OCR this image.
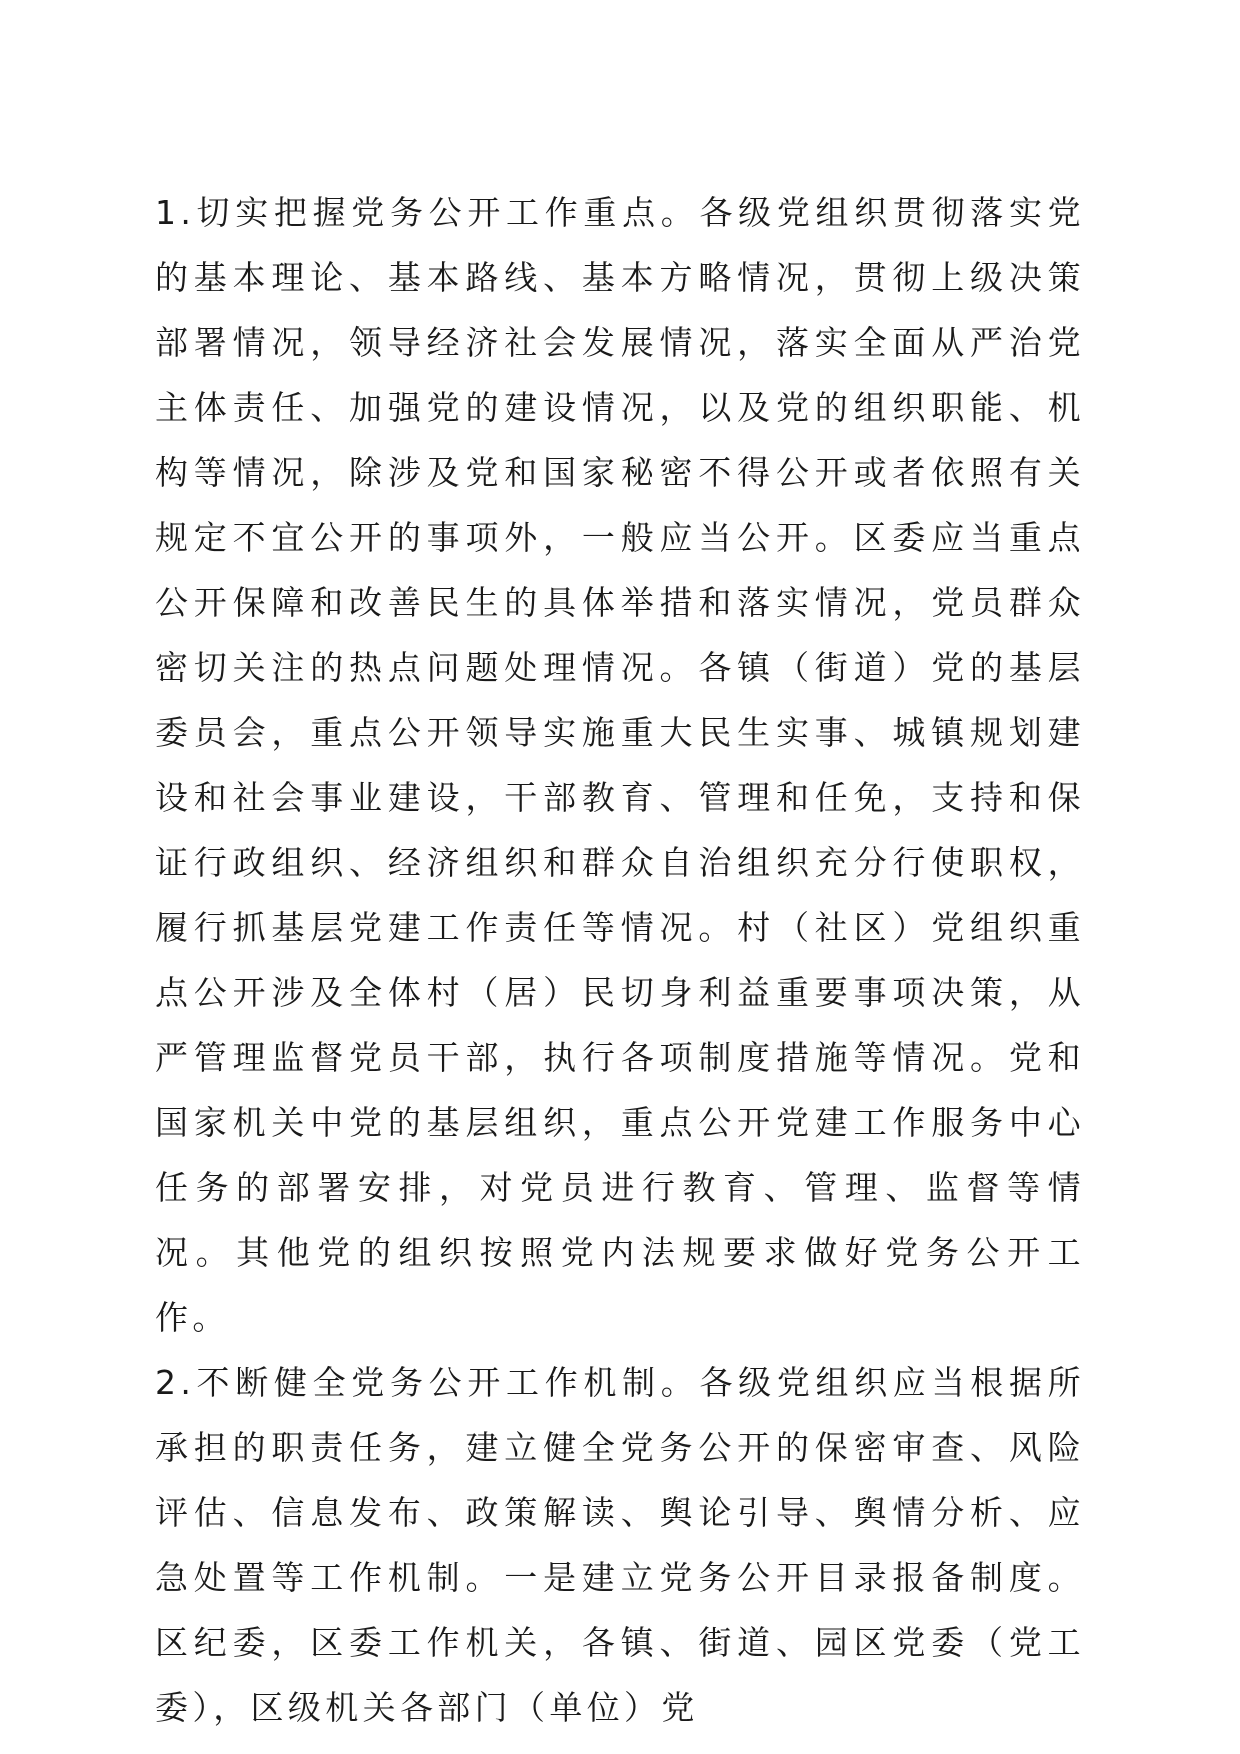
1.切实把握党务公开工作重点。各级党组织贯彻落实党的基本理论、基本路线、基本方略情况，贯彻上级决策部署情况，领导经济社会发展情况，落实全面从严治党主体责任、加强党的建设情况，以及党的组织职能、机构等情况，除涉及党和国家秘密不得公开或者依照有关规定不宜公开的事项外，一般应当公开。区委应当重点公开保障和改善民生的具体举措和落实情况，党员群众密切关注的热点问题处理情况。各镇（街道）党的基层委员会，重点公开领导实施重大民生实事、城镇规划建设和社会事业建设，干部教育、管理和任免，支持和保证行政组织、经济组织和群众自治组织充分行使职权，履行抓基层党建工作责任等情况。村（社区）党组织重点公开涉及全体村（居）民切身利益重要事项决策，从严管理监督党员干部，执行各项制度措施等情况。党和国家机关中党的基层组织，重点公开党建工作服务中心任务的部署安排，对党员进行教育、管理、监督等情况。其他党的组织按照党内法规要求做好党务公开工作。

2.不断健全党务公开工作机制。各级党组织应当根据所承担的职责任务，建立健全党务公开的保密审查、风险评估、信息发布、政策解读、舆论引导、舆情分析、应急处置等工作机制。一是建立党务公开目录报备制度。区纪委，区委工作机关，各镇、街道、园区党委（党工委），区级机关各部门（单位）党
